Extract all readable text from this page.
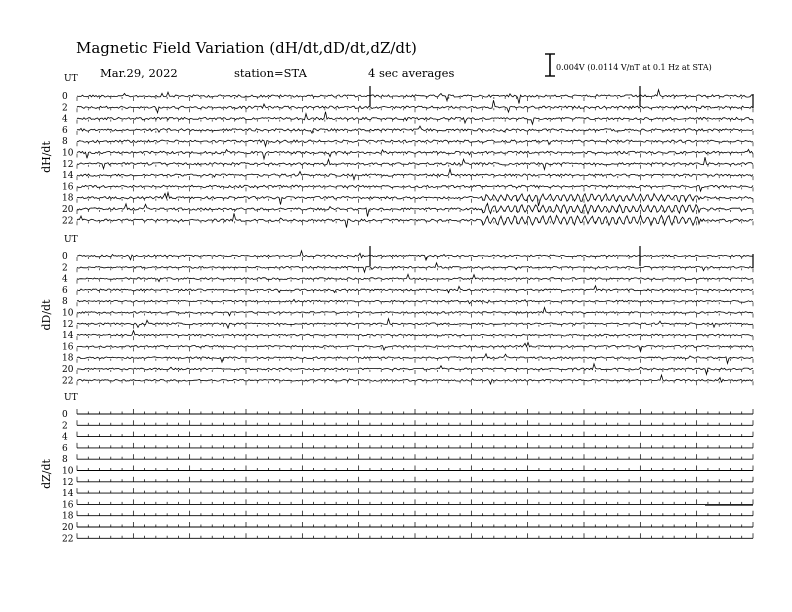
Magnetic Field Variation (dH/dt,dD/dt,dZ/dt)
Mar.29, 2022	station=STA	4 sec averages	0.004V (0.0114 V/nT at 0.1 Hz at STA)
UT
dH/dt
0
2
4
6
8
10
12
14
16
18
20
22
UT
dD/dt
0
2
4
6
8
10
12
14
16
18
20
22
UT
dZ/dt
0
2
4
6
8
10
12
14
16
18
20
22
